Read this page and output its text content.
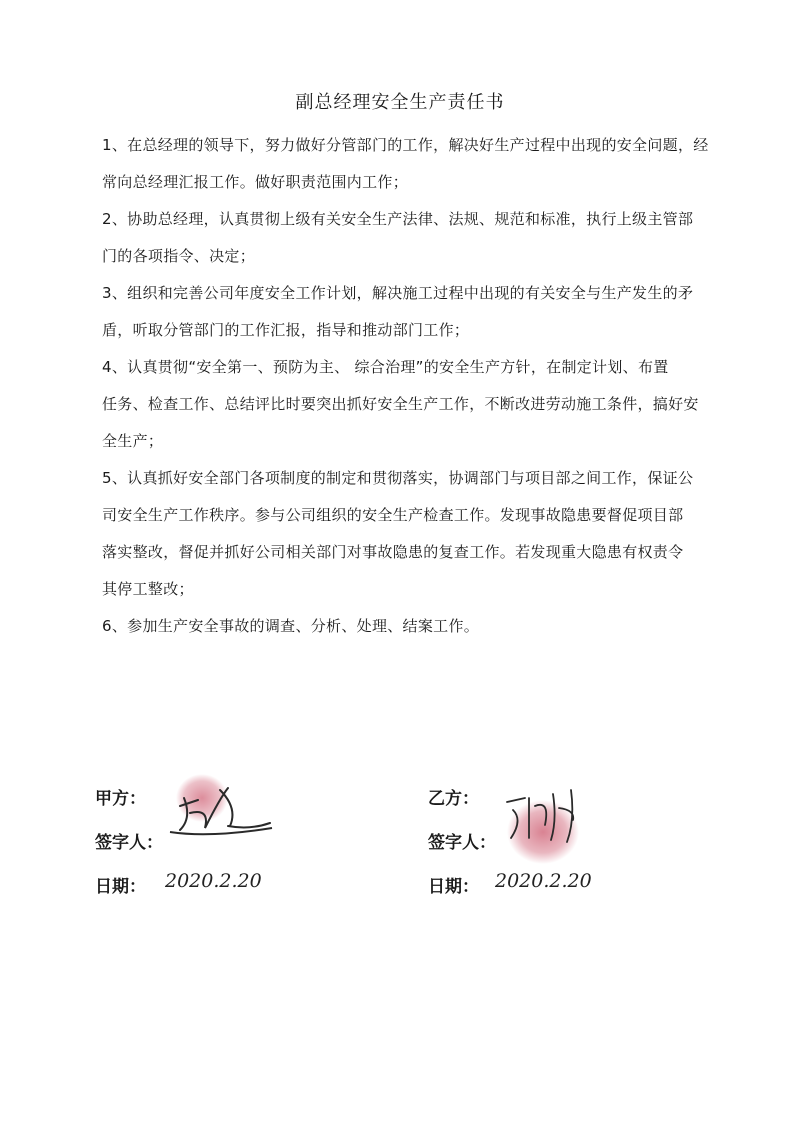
副总经理安全生产责任书
1、在总经理的领导下，努力做好分管部门的工作，解决好生产过程中出现的安全问题，经
常向总经理汇报工作。做好职责范围内工作；
2、协助总经理，认真贯彻上级有关安全生产法律、法规、规范和标准，执行上级主管部
门的各项指令、决定；
3、组织和完善公司年度安全工作计划，解决施工过程中出现的有关安全与生产发生的矛
盾，听取分管部门的工作汇报，指导和推动部门工作；
4、认真贯彻“安全第一、预防为主、 综合治理”的安全生产方针，在制定计划、布置
任务、检查工作、总结评比时要突出抓好安全生产工作，不断改进劳动施工条件，搞好安
全生产；
5、认真抓好安全部门各项制度的制定和贯彻落实，协调部门与项目部之间工作，保证公
司安全生产工作秩序。参与公司组织的安全生产检查工作。发现事故隐患要督促项目部
落实整改，督促并抓好公司相关部门对事故隐患的复查工作。若发现重大隐患有权责令
其停工整改；
6、参加生产安全事故的调查、分析、处理、结案工作。
甲方：
签字人：
日期： 2020.2.20
乙方：
签字人：
日期： 2020.2.20
